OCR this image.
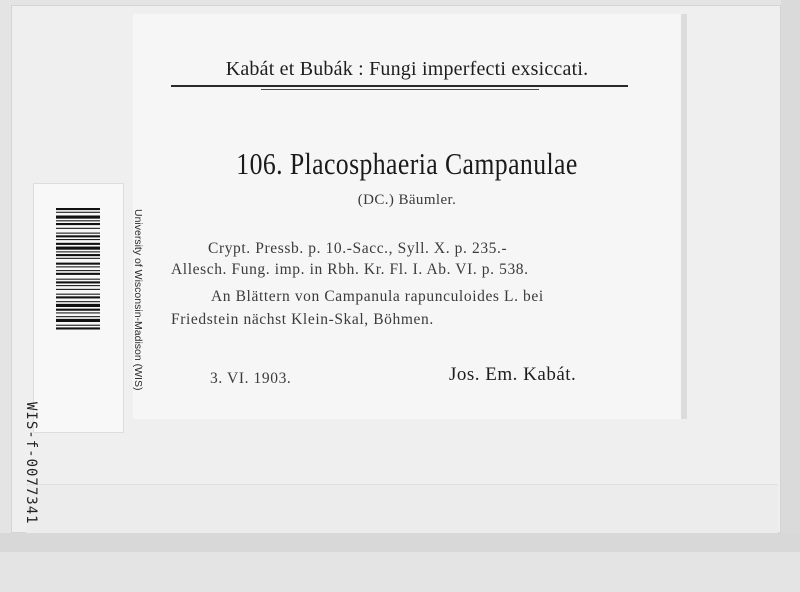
Kabát et Bubák : Fungi imperfecti exsiccati.
106. Placosphaeria Campanulae
(DC.) Bäumler.
Crypt. Pressb. p. 10.-Sacc., Syll. X. p. 235.-
Allesch. Fung. imp. in Rbh. Kr. Fl. I. Ab. VI. p. 538.
An Blättern von Campanula rapunculoides L. bei
Friedstein nächst Klein-Skal, Böhmen.
3. VI. 1903.	Jos. Em. Kabát.
WIS-f-0077341
University of Wisconsin-Madison (WIS)
